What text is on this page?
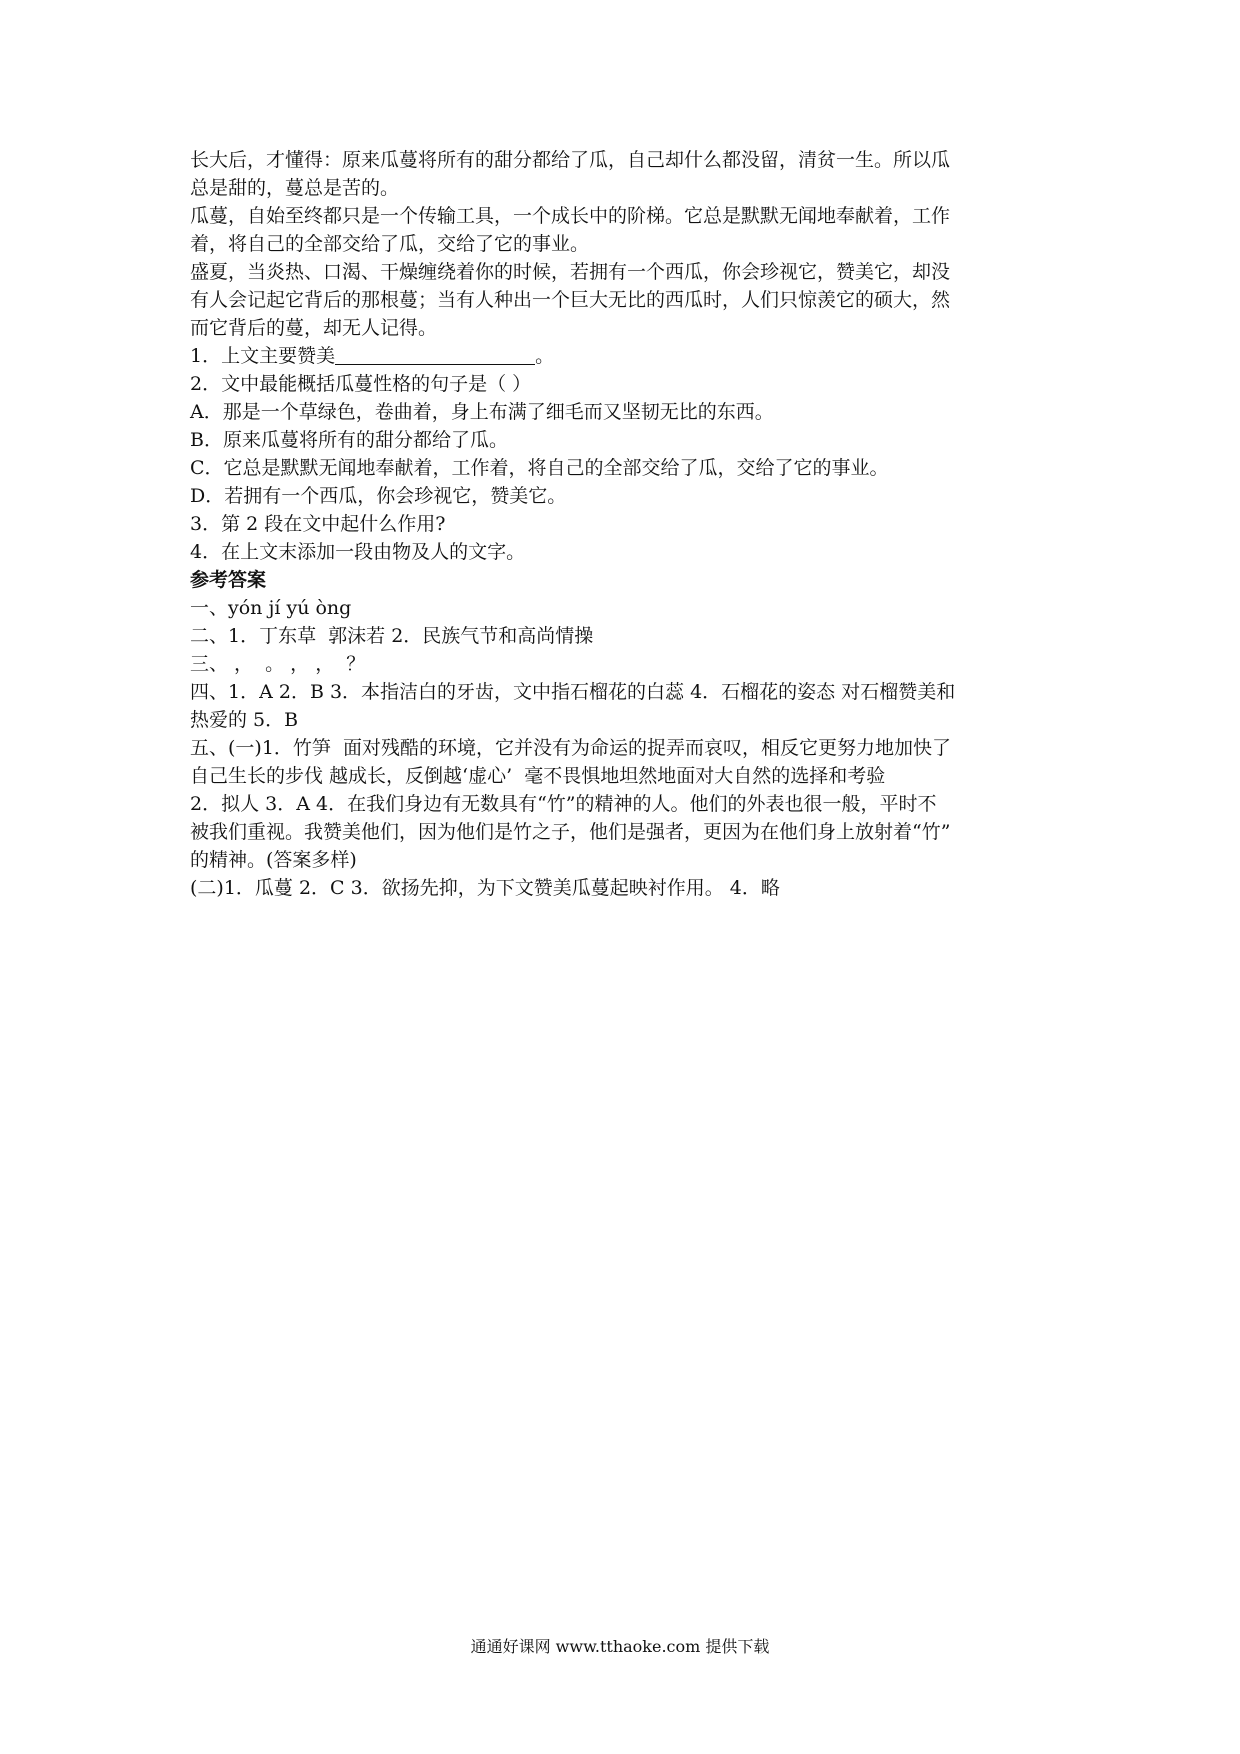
长大后，才懂得：原来瓜蔓将所有的甜分都给了瓜，自己却什么都没留，清贫一生。所以瓜
总是甜的，蔓总是苦的。
瓜蔓，自始至终都只是一个传输工具，一个成长中的阶梯。它总是默默无闻地奉献着，工作
着，将自己的全部交给了瓜，交给了它的事业。
盛夏，当炎热、口渴、干燥缠绕着你的时候，若拥有一个西瓜，你会珍视它，赞美它，却没
有人会记起它背后的那根蔓；当有人种出一个巨大无比的西瓜时，人们只惊羡它的硕大，然
而它背后的蔓，却无人记得。
1．上文主要赞美	。
2．文中最能概括瓜蔓性格的句子是（ ）
A．那是一个草绿色，卷曲着，身上布满了细毛而又坚韧无比的东西。
B．原来瓜蔓将所有的甜分都给了瓜。
C．它总是默默无闻地奉献着，工作着，将自己的全部交给了瓜，交给了它的事业。
D．若拥有一个西瓜，你会珍视它，赞美它。
3．第 2 段在文中起什么作用?
4．在上文末添加一段由物及人的文字。
参考答案
一、yón jí yú òng
二、1．丁东草  郭沫若 2．民族气节和高尚情操
三、 ，  。 ， ，  ？
四、1．A 2．B 3．本指洁白的牙齿，文中指石榴花的白蕊 4．石榴花的姿态 对石榴赞美和
热爱的 5．B
五、(一)1．竹笋  面对残酷的环境，它并没有为命运的捉弄而哀叹，相反它更努力地加快了
自己生长的步伐 越成长，反倒越‘虚心’  毫不畏惧地坦然地面对大自然的选择和考验
2．拟人 3．A 4．在我们身边有无数具有“竹”的精神的人。他们的外表也很一般，平时不
被我们重视。我赞美他们，因为他们是竹之子，他们是强者，更因为在他们身上放射着“竹”
的精神。(答案多样)
(二)1．瓜蔓 2．C 3．欲扬先抑，为下文赞美瓜蔓起映衬作用。 4．略
通通好课网 www.tthaoke.com 提供下载
